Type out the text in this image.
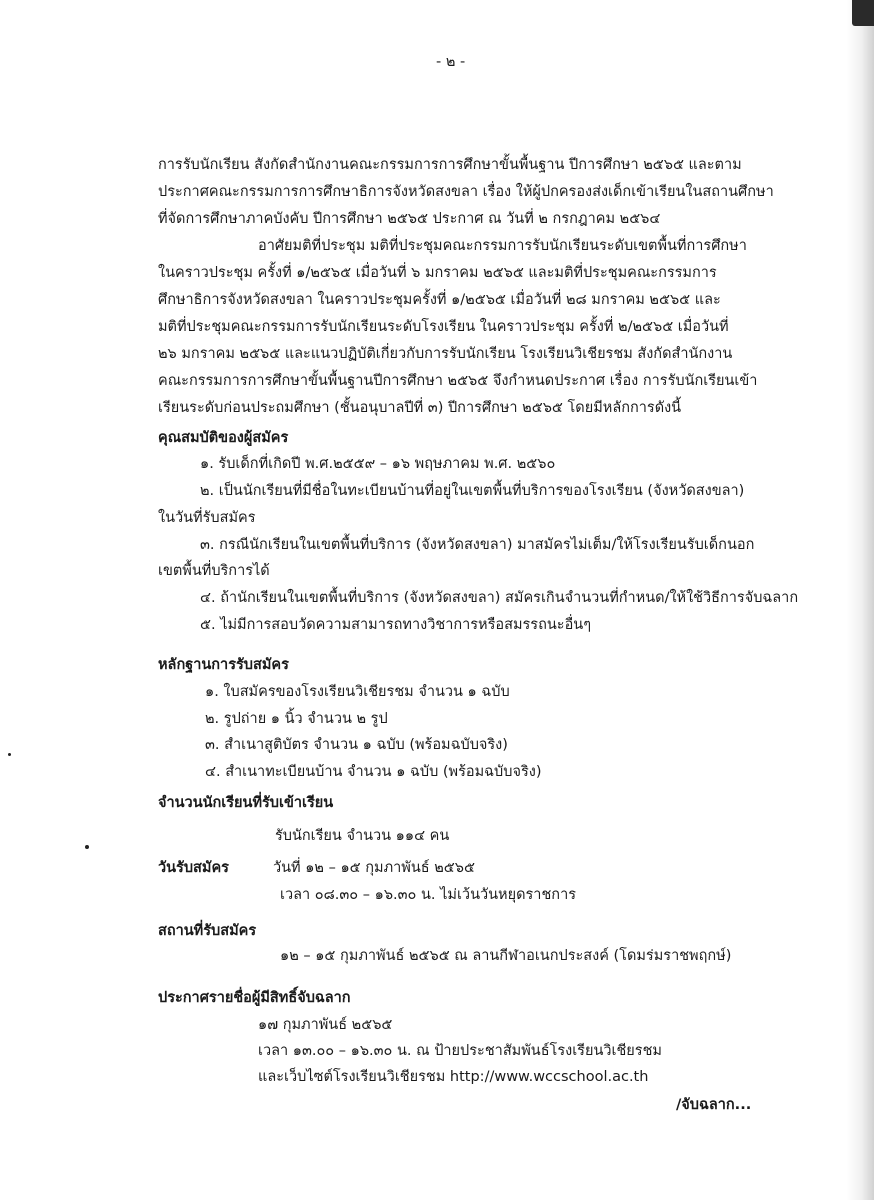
- ๒ -
การรับนักเรียน สังกัดสำนักงานคณะกรรมการการศึกษาขั้นพื้นฐาน ปีการศึกษา ๒๕๖๕ และตาม
ประกาศคณะกรรมการการศึกษาธิการจังหวัดสงขลา เรื่อง ให้ผู้ปกครองส่งเด็กเข้าเรียนในสถานศึกษา
ที่จัดการศึกษาภาคบังคับ ปีการศึกษา ๒๕๖๕ ประกาศ ณ วันที่ ๒ กรกฎาคม ๒๕๖๔
อาศัยมติที่ประชุม มติที่ประชุมคณะกรรมการรับนักเรียนระดับเขตพื้นที่การศึกษา
ในคราวประชุม ครั้งที่ ๑/๒๕๖๕ เมื่อวันที่ ๖ มกราคม ๒๕๖๕ และมติที่ประชุมคณะกรรมการ
ศึกษาธิการจังหวัดสงขลา ในคราวประชุมครั้งที่ ๑/๒๕๖๕ เมื่อวันที่ ๒๘ มกราคม ๒๕๖๕ และ
มติที่ประชุมคณะกรรมการรับนักเรียนระดับโรงเรียน ในคราวประชุม ครั้งที่ ๒/๒๕๖๕ เมื่อวันที่
๒๖ มกราคม ๒๕๖๕ และแนวปฏิบัติเกี่ยวกับการรับนักเรียน โรงเรียนวิเชียรชม สังกัดสำนักงาน
คณะกรรมการการศึกษาขั้นพื้นฐานปีการศึกษา ๒๕๖๕ จึงกำหนดประกาศ เรื่อง การรับนักเรียนเข้า
เรียนระดับก่อนประถมศึกษา (ชั้นอนุบาลปีที่ ๓) ปีการศึกษา ๒๕๖๕ โดยมีหลักการดังนี้
คุณสมบัติของผู้สมัคร
๑. รับเด็กที่เกิดปี พ.ศ.๒๕๕๙ – ๑๖ พฤษภาคม พ.ศ. ๒๕๖๐
๒. เป็นนักเรียนที่มีชื่อในทะเบียนบ้านที่อยู่ในเขตพื้นที่บริการของโรงเรียน (จังหวัดสงขลา)
ในวันที่รับสมัคร
๓. กรณีนักเรียนในเขตพื้นที่บริการ (จังหวัดสงขลา) มาสมัครไม่เต็ม/ให้โรงเรียนรับเด็กนอก
เขตพื้นที่บริการได้
๔. ถ้านักเรียนในเขตพื้นที่บริการ (จังหวัดสงขลา) สมัครเกินจำนวนที่กำหนด/ให้ใช้วิธีการจับฉลาก
๕. ไม่มีการสอบวัดความสามารถทางวิชาการหรือสมรรถนะอื่นๆ
หลักฐานการรับสมัคร
๑. ใบสมัครของโรงเรียนวิเชียรชม จำนวน ๑ ฉบับ
๒. รูปถ่าย ๑ นิ้ว จำนวน ๒ รูป
๓. สำเนาสูติบัตร จำนวน ๑ ฉบับ (พร้อมฉบับจริง)
๔. สำเนาทะเบียนบ้าน จำนวน ๑ ฉบับ (พร้อมฉบับจริง)
จำนวนนักเรียนที่รับเข้าเรียน
รับนักเรียน จำนวน ๑๑๔ คน
วันรับสมัคร	วันที่ ๑๒ – ๑๕ กุมภาพันธ์ ๒๕๖๕
เวลา ๐๘.๓๐ – ๑๖.๓๐ น. ไม่เว้นวันหยุดราชการ
สถานที่รับสมัคร
๑๒ – ๑๕ กุมภาพันธ์ ๒๕๖๕ ณ ลานกีฬาอเนกประสงค์ (โดมร่มราชพฤกษ์)
ประกาศรายชื่อผู้มีสิทธิ์จับฉลาก
๑๗ กุมภาพันธ์ ๒๕๖๕
เวลา ๑๓.๐๐ – ๑๖.๓๐ น. ณ ป้ายประชาสัมพันธ์โรงเรียนวิเชียรชม
และเว็บไซต์โรงเรียนวิเชียรชม http://www.wccschool.ac.th
/จับฉลาก...
